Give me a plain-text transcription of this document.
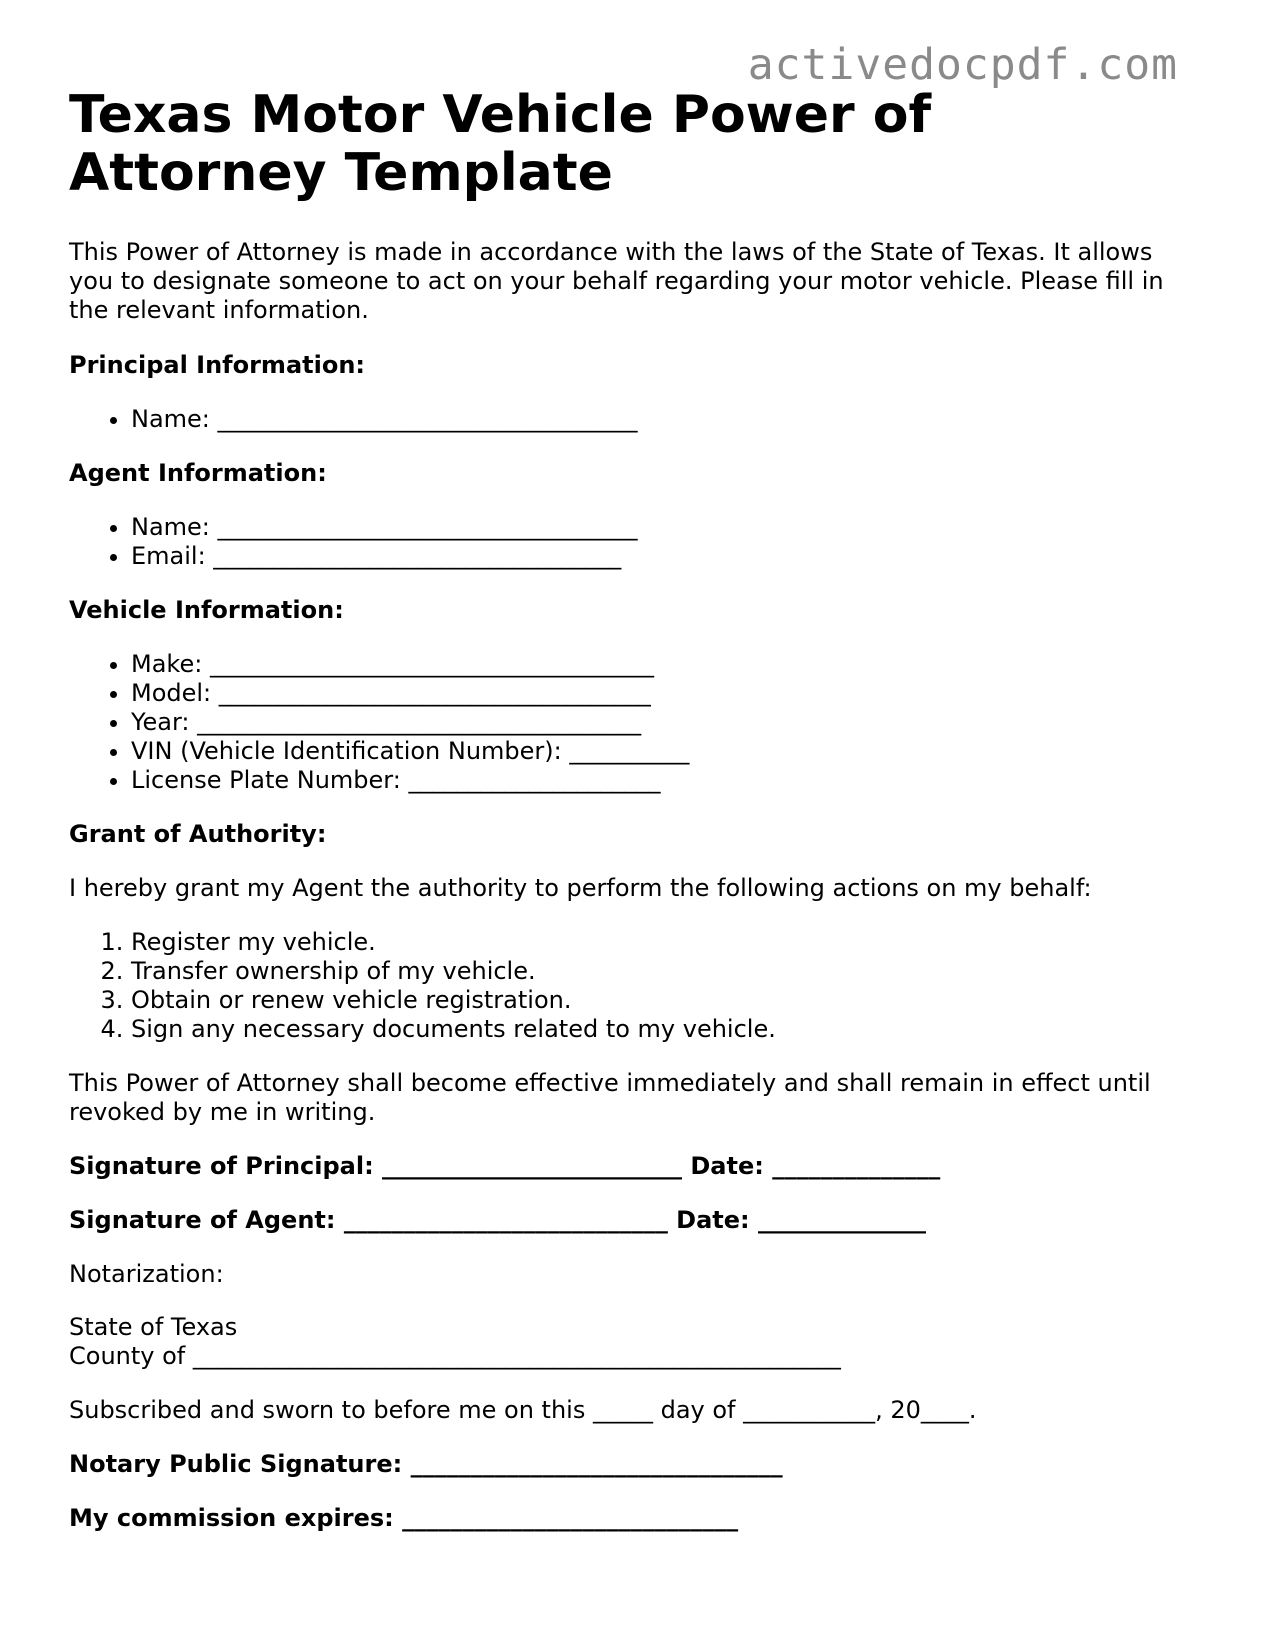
activedocpdf.com
Texas Motor Vehicle Power of Attorney Template

This Power of Attorney is made in accordance with the laws of the State of Texas. It allows you to designate someone to act on your behalf regarding your motor vehicle. Please fill in the relevant information.

Principal Information:
• Name: ___________________________________
Agent Information:
• Name: ___________________________________
• Email: __________________________________
Vehicle Information:
• Make: _____________________________________
• Model: ____________________________________
• Year: _____________________________________
• VIN (Vehicle Identification Number): __________
• License Plate Number: _____________________
Grant of Authority:

I hereby grant my Agent the authority to perform the following actions on my behalf:

1. Register my vehicle.
2. Transfer ownership of my vehicle.
3. Obtain or renew vehicle registration.
4. Sign any necessary documents related to my vehicle.

This Power of Attorney shall become effective immediately and shall remain in effect until revoked by me in writing.

Signature of Principal: _________________________ Date: ______________
Signature of Agent: ___________________________ Date: ______________

Notarization:

State of Texas
County of ______________________________________________________

Subscribed and sworn to before me on this _____ day of ___________, 20____.

Notary Public Signature: _______________________________
My commission expires: ____________________________
